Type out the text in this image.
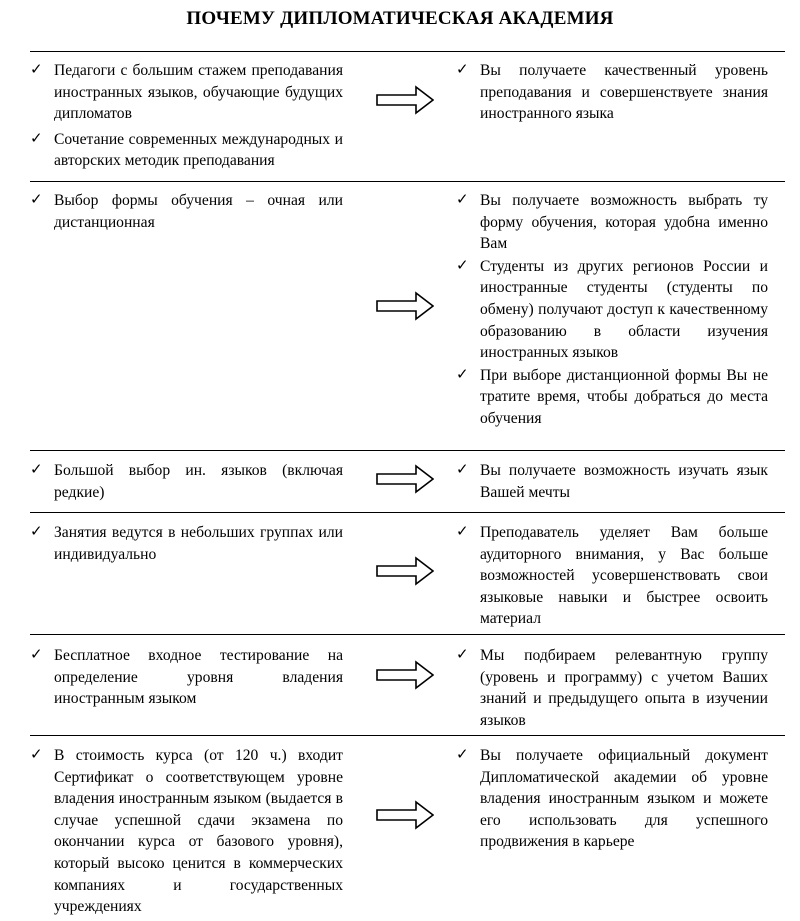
ПОЧЕМУ ДИПЛОМАТИЧЕСКАЯ АКАДЕМИЯ
✓ Педагоги с большим стажем преподавания иностранных языков, обучающие будущих дипломатов
✓ Сочетание современных международных и авторских методик преподавания
✓ Вы получаете качественный уровень преподавания и совершенствуете знания иностранного языка
✓ Выбор формы обучения – очная или дистанционная
✓ Вы получаете возможность выбрать ту форму обучения, которая удобна именно Вам
✓ Студенты из других регионов России и иностранные студенты (студенты по обмену) получают доступ к качественному образованию в области изучения иностранных языков
✓ При выборе дистанционной формы Вы не тратите время, чтобы добраться до места обучения
✓ Большой выбор ин. языков (включая редкие)
✓ Вы получаете возможность изучать язык Вашей мечты
✓ Занятия ведутся в небольших группах или индивидуально
✓ Преподаватель уделяет Вам больше аудиторного внимания, у Вас больше возможностей усовершенствовать свои языковые навыки и быстрее освоить материал
✓ Бесплатное входное тестирование на определение уровня владения иностранным языком
✓ Мы подбираем релевантную группу (уровень и программу) с учетом Ваших знаний и предыдущего опыта в изучении языков
✓ В стоимость курса (от 120 ч.) входит Сертификат о соответствующем уровне владения иностранным языком (выдается в случае успешной сдачи экзамена по окончании курса от базового уровня), который высоко ценится в коммерческих компаниях и государственных учреждениях
✓ Вы получаете официальный документ Дипломатической академии об уровне владения иностранным языком и можете его использовать для успешного продвижения в карьере
